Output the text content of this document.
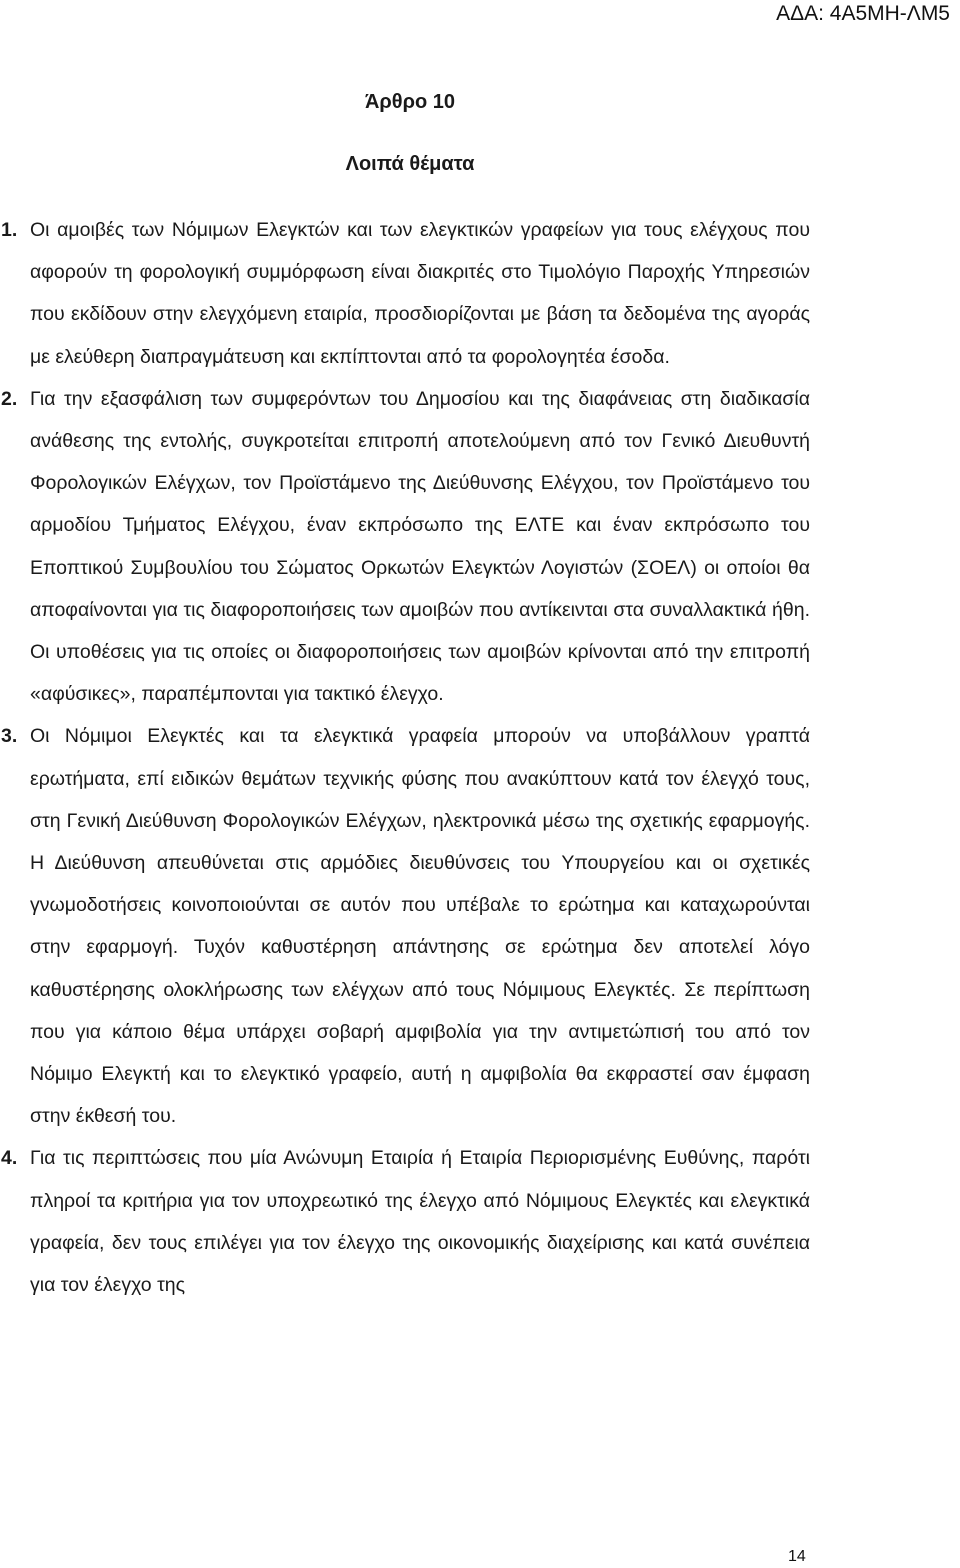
ΑΔΑ: 4Α5ΜΗ-ΛΜ5
Άρθρο 10
Λοιπά θέματα

1. Οι αμοιβές των Νόμιμων Ελεγκτών και των ελεγκτικών γραφείων για τους ελέγχους που αφορούν τη φορολογική συμμόρφωση είναι διακριτές στο Τιμολόγιο Παροχής Υπηρεσιών που εκδίδουν στην ελεγχόμενη εταιρία, προσδιορίζονται με βάση τα δεδομένα της αγοράς με ελεύθερη διαπραγμάτευση και εκπίπτονται από τα φορολογητέα έσοδα.

2. Για την εξασφάλιση των συμφερόντων του Δημοσίου και της διαφάνειας στη διαδικασία ανάθεσης της εντολής, συγκροτείται επιτροπή αποτελούμενη από τον Γενικό Διευθυντή Φορολογικών Ελέγχων, τον Προϊστάμενο της Διεύθυνσης Ελέγχου, τον Προϊστάμενο του αρμοδίου Τμήματος Ελέγχου, έναν εκπρόσωπο της ΕΛΤΕ και έναν εκπρόσωπο του Εποπτικού Συμβουλίου του Σώματος Ορκωτών Ελεγκτών Λογιστών (ΣΟΕΛ) οι οποίοι θα αποφαίνονται για τις διαφοροποιήσεις των αμοιβών που αντίκεινται στα συναλλακτικά ήθη. Οι υποθέσεις για τις οποίες οι διαφοροποιήσεις των αμοιβών κρίνονται από την επιτροπή «αφύσικες», παραπέμπονται για τακτικό έλεγχο.

3. Οι Νόμιμοι Ελεγκτές και τα ελεγκτικά γραφεία μπορούν να υποβάλλουν γραπτά ερωτήματα, επί ειδικών θεμάτων τεχνικής φύσης που ανακύπτουν κατά τον έλεγχό τους, στη Γενική Διεύθυνση Φορολογικών Ελέγχων, ηλεκτρονικά μέσω της σχετικής εφαρμογής. Η Διεύθυνση απευθύνεται στις αρμόδιες διευθύνσεις του Υπουργείου και οι σχετικές γνωμοδοτήσεις κοινοποιούνται σε αυτόν που υπέβαλε το ερώτημα και καταχωρούνται στην εφαρμογή. Τυχόν καθυστέρηση απάντησης σε ερώτημα δεν αποτελεί λόγο καθυστέρησης ολοκλήρωσης των ελέγχων από τους Νόμιμους Ελεγκτές. Σε περίπτωση που για κάποιο θέμα υπάρχει σοβαρή αμφιβολία για την αντιμετώπισή του από τον Νόμιμο Ελεγκτή και το ελεγκτικό γραφείο, αυτή η αμφιβολία θα εκφραστεί σαν έμφαση στην έκθεσή του.

4. Για τις περιπτώσεις που μία Ανώνυμη Εταιρία ή Εταιρία Περιορισμένης Ευθύνης, παρότι πληροί τα κριτήρια για τον υποχρεωτικό της έλεγχο από Νόμιμους Ελεγκτές και ελεγκτικά γραφεία, δεν τους επιλέγει για τον έλεγχο της οικονομικής διαχείρισης και κατά συνέπεια για τον έλεγχο της

14
